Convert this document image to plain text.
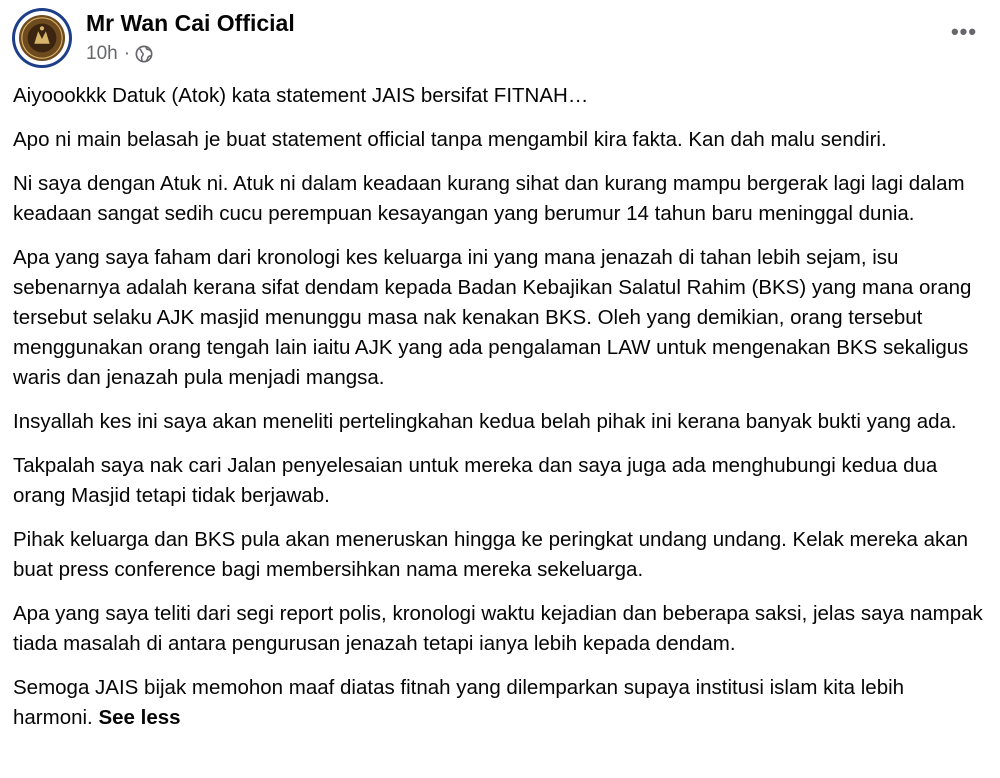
Mr Wan Cai Official
10h ·
•••

Aiyoookkk Datuk (Atok) kata statement JAIS bersifat FITNAH…

Apo ni main belasah je buat statement official tanpa mengambil kira fakta. Kan dah malu sendiri.

Ni saya dengan Atuk ni. Atuk ni dalam keadaan kurang sihat dan kurang mampu bergerak lagi lagi dalam keadaan sangat sedih cucu perempuan kesayangan yang berumur 14 tahun baru meninggal dunia.

Apa yang saya faham dari kronologi kes keluarga ini yang mana jenazah di tahan lebih sejam, isu sebenarnya adalah kerana sifat dendam kepada Badan Kebajikan Salatul Rahim (BKS) yang mana orang tersebut selaku AJK masjid menunggu masa nak kenakan BKS. Oleh yang demikian, orang tersebut menggunakan orang tengah lain iaitu AJK yang ada pengalaman LAW untuk mengenakan BKS sekaligus waris dan jenazah pula menjadi mangsa.

Insyallah kes ini saya akan meneliti pertelingkahan kedua belah pihak ini kerana banyak bukti yang ada.

Takpalah saya nak cari Jalan penyelesaian untuk mereka dan saya juga ada menghubungi kedua dua orang Masjid tetapi tidak berjawab.

Pihak keluarga dan BKS pula akan meneruskan hingga ke peringkat undang undang. Kelak mereka akan buat press conference bagi membersihkan nama mereka sekeluarga.

Apa yang saya teliti dari segi report polis, kronologi waktu kejadian dan beberapa saksi, jelas saya nampak tiada masalah di antara pengurusan jenazah tetapi ianya lebih kepada dendam.

Semoga JAIS bijak memohon maaf diatas fitnah yang dilemparkan supaya institusi islam kita lebih harmoni. See less
